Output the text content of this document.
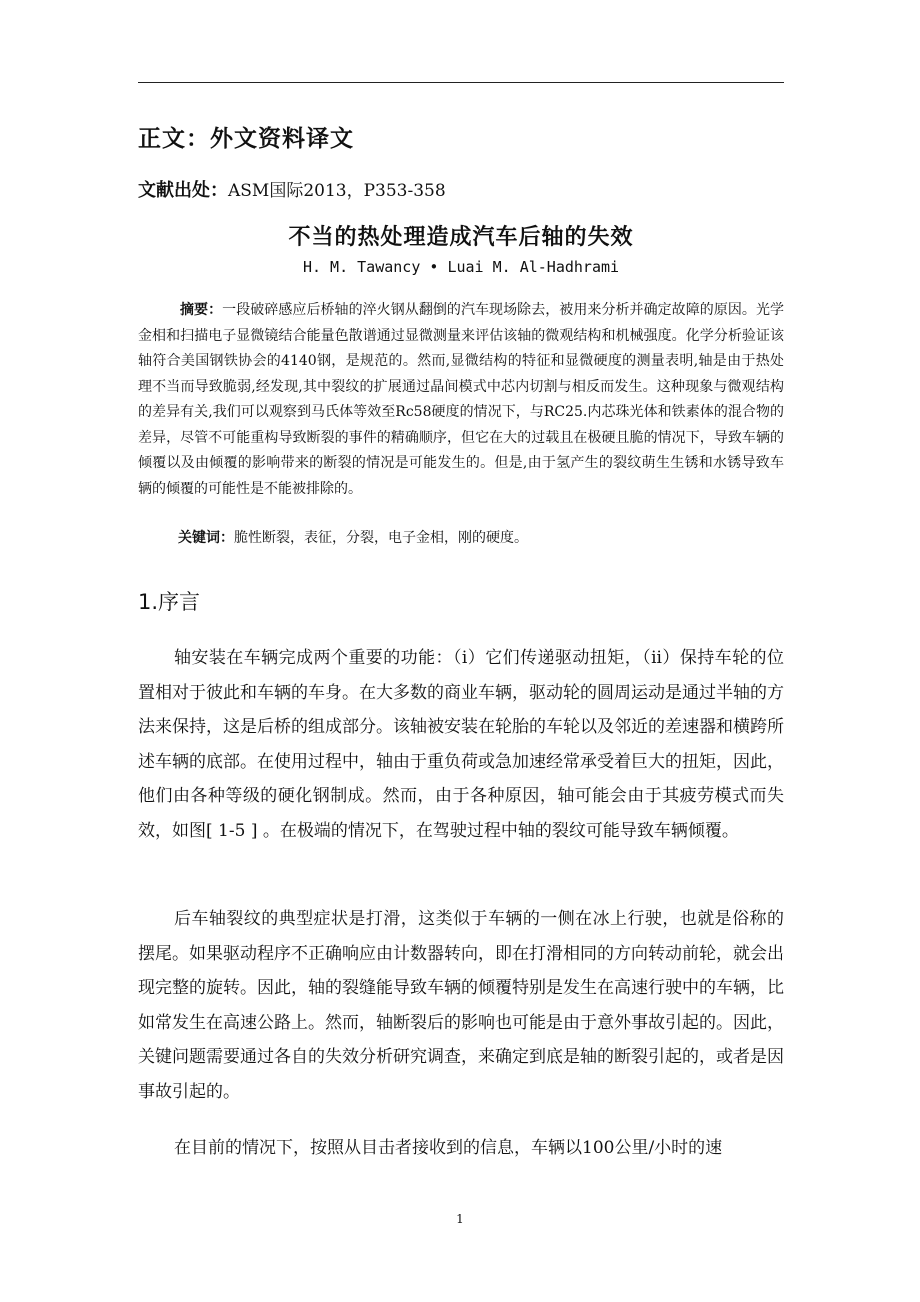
正文：外文资料译文
文献出处：ASM国际2013，P353-358
不当的热处理造成汽车后轴的失效
H. M. Tawancy • Luai M. Al-Hadhrami
摘要：一段破碎感应后桥轴的淬火钢从翻倒的汽车现场除去，被用来分析并确定故障的原因。光学金相和扫描电子显微镜结合能量色散谱通过显微测量来评估该轴的微观结构和机械强度。化学分析验证该轴符合美国钢铁协会的4140钢，是规范的。然而,显微结构的特征和显微硬度的测量表明,轴是由于热处理不当而导致脆弱,经发现,其中裂纹的扩展通过晶间模式中芯内切割与相反而发生。这种现象与微观结构的差异有关,我们可以观察到马氏体等效至Rc58硬度的情况下，与RC25.内芯珠光体和铁素体的混合物的差异，尽管不可能重构导致断裂的事件的精确顺序，但它在大的过载且在极硬且脆的情况下，导致车辆的倾覆以及由倾覆的影响带来的断裂的情况是可能发生的。但是,由于氢产生的裂纹萌生生锈和水锈导致车辆的倾覆的可能性是不能被排除的。
关键词：脆性断裂，表征，分裂，电子金相，刚的硬度。
1.序言
轴安装在车辆完成两个重要的功能：（i）它们传递驱动扭矩，（ii）保持车轮的位置相对于彼此和车辆的车身。在大多数的商业车辆，驱动轮的圆周运动是通过半轴的方法来保持，这是后桥的组成部分。该轴被安装在轮胎的车轮以及邻近的差速器和横跨所述车辆的底部。在使用过程中，轴由于重负荷或急加速经常承受着巨大的扭矩，因此，他们由各种等级的硬化钢制成。然而，由于各种原因，轴可能会由于其疲劳模式而失效，如图[ 1-5 ] 。在极端的情况下，在驾驶过程中轴的裂纹可能导致车辆倾覆。
后车轴裂纹的典型症状是打滑，这类似于车辆的一侧在冰上行驶，也就是俗称的摆尾。如果驱动程序不正确响应由计数器转向，即在打滑相同的方向转动前轮，就会出现完整的旋转。因此，轴的裂缝能导致车辆的倾覆特别是发生在高速行驶中的车辆，比如常发生在高速公路上。然而，轴断裂后的影响也可能是由于意外事故引起的。因此，关键问题需要通过各自的失效分析研究调查，来确定到底是轴的断裂引起的，或者是因事故引起的。
在目前的情况下，按照从目击者接收到的信息，车辆以100公里/小时的速
1
